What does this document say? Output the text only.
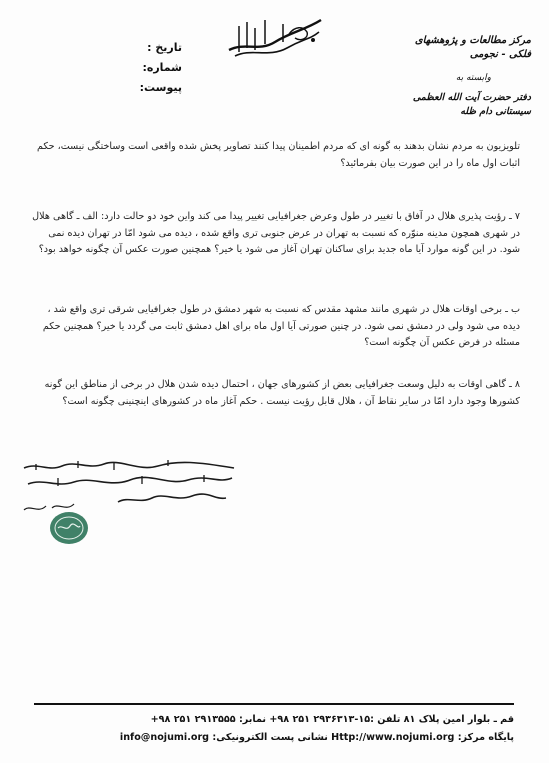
مرکز مطالعات و پژوهشهای فلکی - نجومی
وابسته به
دفتر حضرت آیت الله العظمی سیستانی دام ظله
تاریخ :
شماره:
پیوست:

تلویزیون به مردم نشان بدهند به گونه ای که مردم اطمینان پیدا کنند تصاویر پخش شده واقعی است وساختگی نیست، حکم اثبات اول ماه را در این صورت بیان بفرمائید؟

۷ ـ رؤیت پذیری هلال در آفاق با تغییر در طول وعرض جغرافیایی تغییر پیدا می کند واین خود دو حالت دارد: الف ـ گاهی هلال در شهری همچون مدینه منوّره که نسبت به تهران در عرض جنوبی تری واقع شده ، دیده می شود امّا در تهران دیده نمی شود. در این گونه موارد آیا ماه جدید برای ساکنان تهران آغاز می شود یا خیر؟ همچنین صورت عکس آن چگونه خواهد بود؟

ب ـ برخی اوقات هلال در شهری مانند مشهد مقدس که نسبت به شهر دمشق در طول جغرافیایی شرقی تری واقع شد ، دیده می شود ولی در دمشق نمی شود. در چنین صورتی آیا اول ماه برای اهل دمشق ثابت می گردد یا خیر؟ همچنین حکم مسئله در فرض عکس آن چگونه است؟

۸ ـ گاهی اوقات به دلیل وسعت جغرافیایی بعض از کشورهای جهان ، احتمال دیده شدن هلال در برخی از مناطق این گونه کشورها وجود دارد امّا در سایر نقاط آن ، هلال قابل رؤیت نیست . حکم آغاز ماه در کشورهای اینچنینی چگونه است؟

قم ـ بلوار امین پلاک ۸۱ تلفن :۱۵-۲۹۳۶۳۱۳ ۲۵۱ ۹۸+ نمابر: ۲۹۱۳۵۵۵ ۲۵۱ ۹۸+
پایگاه مرکز: Http://www.nojumi.org نشانی پست الکترونیکی: info@nojumi.org
